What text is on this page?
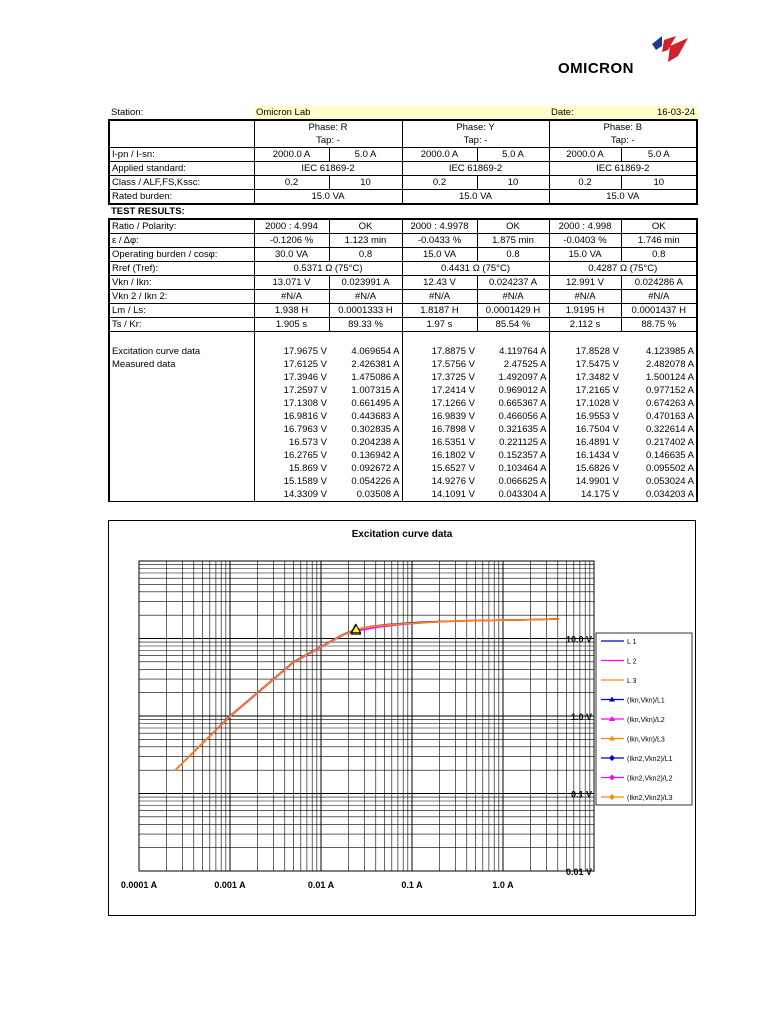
OMICRON
Station:	Omicron Lab				Date:	16-03-24
	Phase: R		Phase: Y		Phase: B	
	Tap: -		Tap: -		Tap: -	
I-pn / I-sn:	2000.0 A	5.0 A	2000.0 A	5.0 A	2000.0 A	5.0 A
Applied standard:	IEC 61869-2		IEC 61869-2		IEC 61869-2	
Class / ALF,FS,Kssc:	0.2	10	0.2	10	0.2	10
Rated burden:	15.0 VA		15.0 VA		15.0 VA	
TEST RESULTS:						
Ratio / Polarity:	2000 : 4.994	OK	2000 : 4.9978	OK	2000 : 4.998	OK
ε / Δφ:	-0.1206 %	1.123 min	-0.0433 %	1.875 min	-0.0403 %	1.746 min
Operating burden / cosφ:	30.0 VA	0.8	15.0 VA	0.8	15.0 VA	0.8
Rref (Tref):	0.5371 Ω (75°C)		0.4431 Ω (75°C)		0.4287 Ω (75°C)	
Vkn / Ikn:	13.071 V	0.023991 A	12.43 V	0.024237 A	12.991 V	0.024286 A
Vkn 2 / Ikn 2:	#N/A	#N/A	#N/A	#N/A	#N/A	#N/A
Lm / Ls:	1.938 H	0.0001333 H	1.8187 H	0.0001429 H	1.9195 H	0.0001437 H
Ts / Kr:	1.905 s	89.33 %	1.97 s	85.54 %	2.112 s	88.75 %

Excitation curve data	17.9675 V	4.069654 A	17.8875 V	4.119764 A	17.8528 V	4.123985 A
Measured data	17.6125 V	2.426381 A	17.5756 V	2.47525 A	17.5475 V	2.482078 A
	17.3946 V	1.475086 A	17.3725 V	1.492097 A	17.3482 V	1.500124 A
	17.2597 V	1.007315 A	17.2414 V	0.969012 A	17.2165 V	0.977152 A
	17.1308 V	0.661495 A	17.1266 V	0.665367 A	17.1028 V	0.674263 A
	16.9816 V	0.443683 A	16.9839 V	0.466056 A	16.9553 V	0.470163 A
	16.7963 V	0.302835 A	16.7898 V	0.321635 A	16.7504 V	0.322614 A
	16.573 V	0.204238 A	16.5351 V	0.221125 A	16.4891 V	0.217402 A
	16.2765 V	0.136942 A	16.1802 V	0.152357 A	16.1434 V	0.146635 A
	15.869 V	0.092672 A	15.6527 V	0.103464 A	15.6826 V	0.095502 A
	15.1589 V	0.054226 A	14.9276 V	0.066625 A	14.9901 V	0.053024 A
	14.3309 V	0.03508 A	14.1091 V	0.043304 A	14.175 V	0.034203 A
Excitation curve data
0.0001 A	0.001 A	0.01 A	0.1 A	1.0 A
10.0 V
1.0 V
0.1 V
0.01 V
L 1
L 2
L 3
(Ikn,Vkn)/L1
(Ikn,Vkn)/L2
(Ikn,Vkn)/L3
(Ikn2,Vkn2)/L1
(Ikn2,Vkn2)/L2
(Ikn2,Vkn2)/L3
